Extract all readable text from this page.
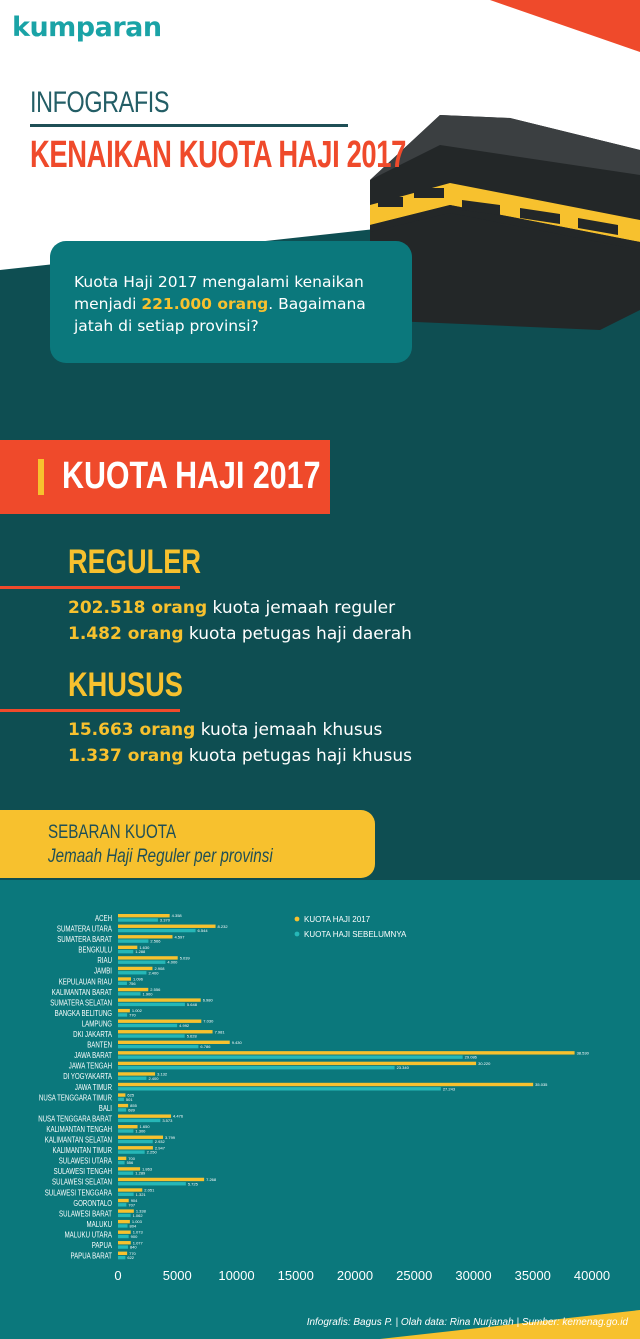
kumparan
INFOGRAFIS
KENAIKAN KUOTA HAJI 2017
Kuota Haji 2017 mengalami kenaikan
menjadi 221.000 orang. Bagaimana
jatah di setiap provinsi?
KUOTA HAJI 2017
REGULER
202.518 orang kuota jemaah reguler
1.482 orang kuota petugas haji daerah
KHUSUS
15.663 orang kuota jemaah khusus
1.337 orang kuota petugas haji khusus
SEBARAN KUOTA
Jemaah Haji Reguler per provinsi
ACEH	4.358
3.370
SUMATERA UTARA	8.232
6.544
SUMATERA BARAT	4.597
2.566
BENGKULU	1.630
1.288
RIAU	5.039
4.000
JAMBI	2.908
2.400
KEPULAUAN RIAU	1.096
756
KALIMANTAN BARAT	2.556
1.900
SUMATERA SELATAN	6.980
5.648
BANGKA BELITUNG	1.002
770
LAMPUNG	7.030
4.992
DKI JAKARTA	7.981
5.628
BANTEN	9.430
6.786
JAWA BARAT	38.530
29.086
JAWA TENGAH	30.220
23.340
DI YOGYAKARTA	3.132
2.400
JAWA TIMUR	35.035
27.243
NUSA TENGGARA TIMUR	625
501
BALI	855
689
NUSA TENGGARA BARAT	4.476
3.573
KALIMANTAN TENGAH	1.650
1.300
KALIMANTAN SELATAN	3.799
2.932
KALIMANTAN TIMUR	2.947
2.250
SULAWESI UTARA	700
556
SULAWESI TENGAH	1.863
1.289
SULAWESI SELATAN	7.268
5.725
SULAWESI TENGGARA	2.051
1.321
GORONTALO	904
707
SULAWESI BARAT	1.338
1.062
MALUKU	1.003
804
MALUKU UTARA	1.073
900
PAPUA	1.077
840
PAPUA BARAT	770
622
0	5000 10000 15000 20000 25000 30000 35000 40000
KUOTA HAJI 2017
KUOTA HAJI SEBELUMNYA
Infografis: Bagus P. | Olah data: Rina Nurjanah | Sumber: kemenag.go.id
